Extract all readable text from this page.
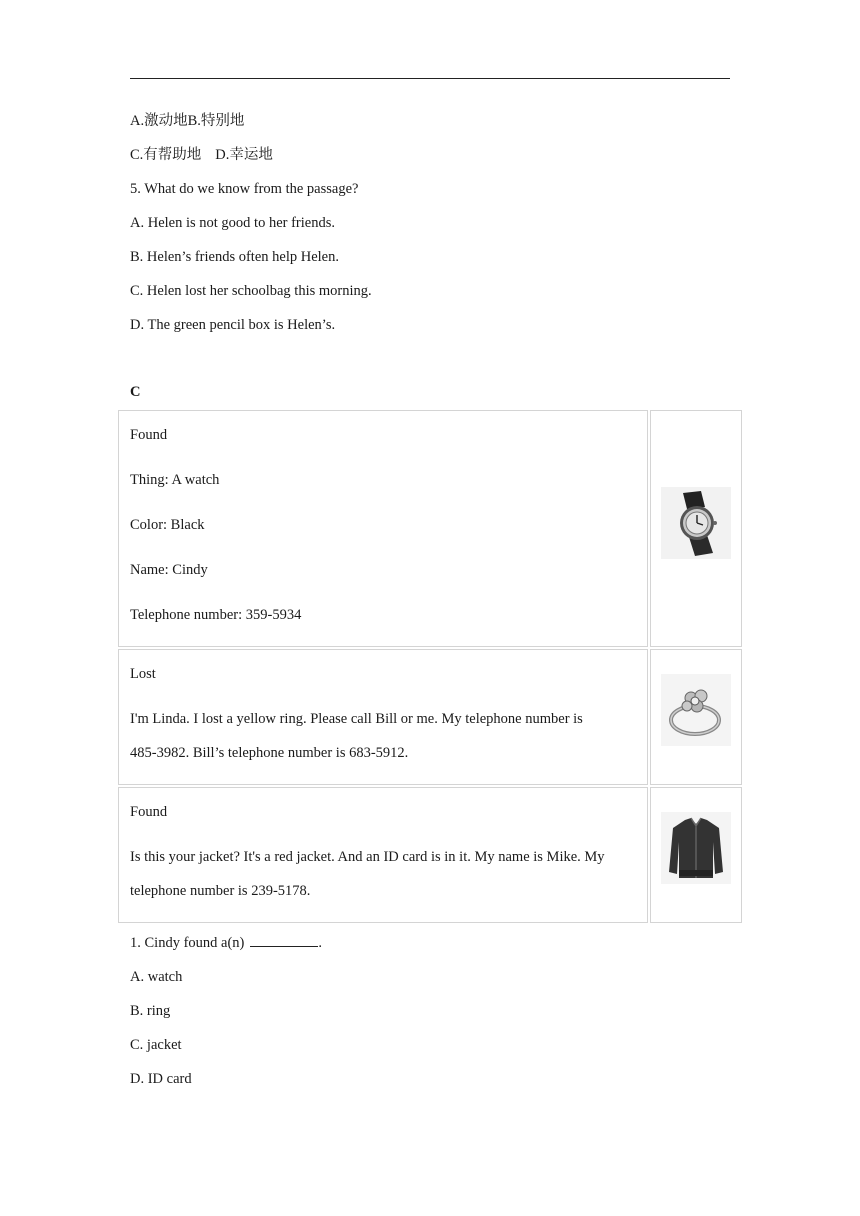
A.激动地B.特别地
C.有帮助地 D.幸运地
5. What do we know from the passage?
A. Helen is not good to her friends.
B. Helen’s friends often help Helen.
C. Helen lost her schoolbag this morning.
D. The green pencil box is Helen’s.
C
Found
Thing: A watch
Color: Black
Name: Cindy
Telephone number: 359-5934
Lost
I'm Linda. I lost a yellow ring. Please call Bill or me. My telephone number is
485-3982. Bill’s telephone number is 683-5912.
Found
Is this your jacket? It's a red jacket. And an ID card is in it. My name is Mike. My
telephone number is 239-5178.
1. Cindy found a(n)	.
A. watch
B. ring
C. jacket
D. ID card
